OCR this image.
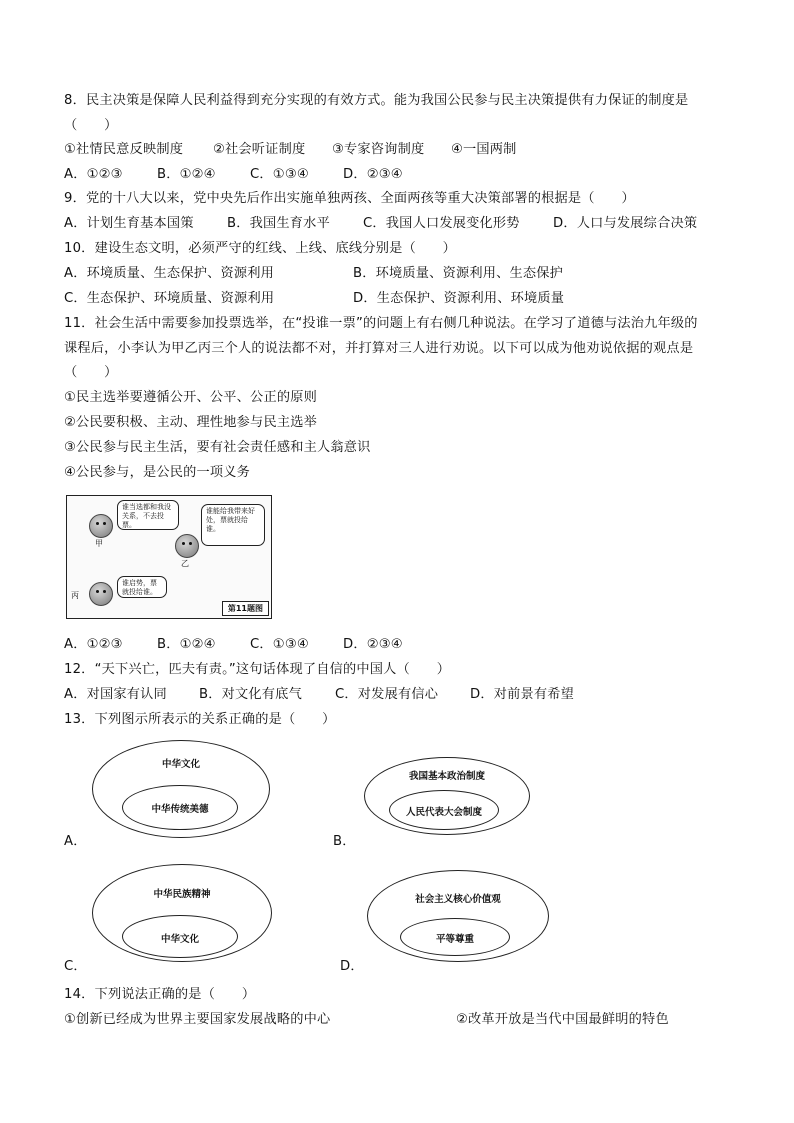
8．民主决策是保障人民利益得到充分实现的有效方式。能为我国公民参与民主决策提供有力保证的制度是
（　　）
①社情民意反映制度 ②社会听证制度 ③专家咨询制度 ④一国两制
A．①②③	B．①②④	C．①③④	D．②③④
9．党的十八大以来，党中央先后作出实施单独两孩、全面两孩等重大决策部署的根据是（　　）
A．计划生育基本国策	B．我国生育水平	C．我国人口发展变化形势	D．人口与发展综合决策
10．建设生态文明，必须严守的红线、上线、底线分别是（　　）
A．环境质量、生态保护、资源利用	B．环境质量、资源利用、生态保护
C．生态保护、环境质量、资源利用	D．生态保护、资源利用、环境质量
11．社会生活中需要参加投票选举，在“投谁一票”的问题上有右侧几种说法。在学习了道德与法治九年级的
课程后，小李认为甲乙丙三个人的说法都不对，并打算对三人进行劝说。以下可以成为他劝说依据的观点是
（　　）
①民主选举要遵循公开、公平、公正的原则
②公民要积极、主动、理性地参与民主选举
③公民参与民主生活，要有社会责任感和主人翁意识
④公民参与，是公民的一项义务
甲
谁当选都和我没关系，不去投票。
乙
谁能给我带来好处，票就投给谁。
丙
谁启势，票就投给谁。
第11题图
A．①②③	B．①②④	C．①③④	D．②③④
12．“天下兴亡，匹夫有责。”这句话体现了自信的中国人（　　）
A．对国家有认同 B．对文化有底气	C．对发展有信心 D．对前景有希望
13．下列图示所表示的关系正确的是（　　）
中华文化
中华传统美德
A．
我国基本政治制度
人民代表大会制度
B．
中华民族精神
中华文化
C．
社会主义核心价值观
平等尊重
D．
14．下列说法正确的是（　　）
①创新已经成为世界主要国家发展战略的中心	②改革开放是当代中国最鲜明的特色
